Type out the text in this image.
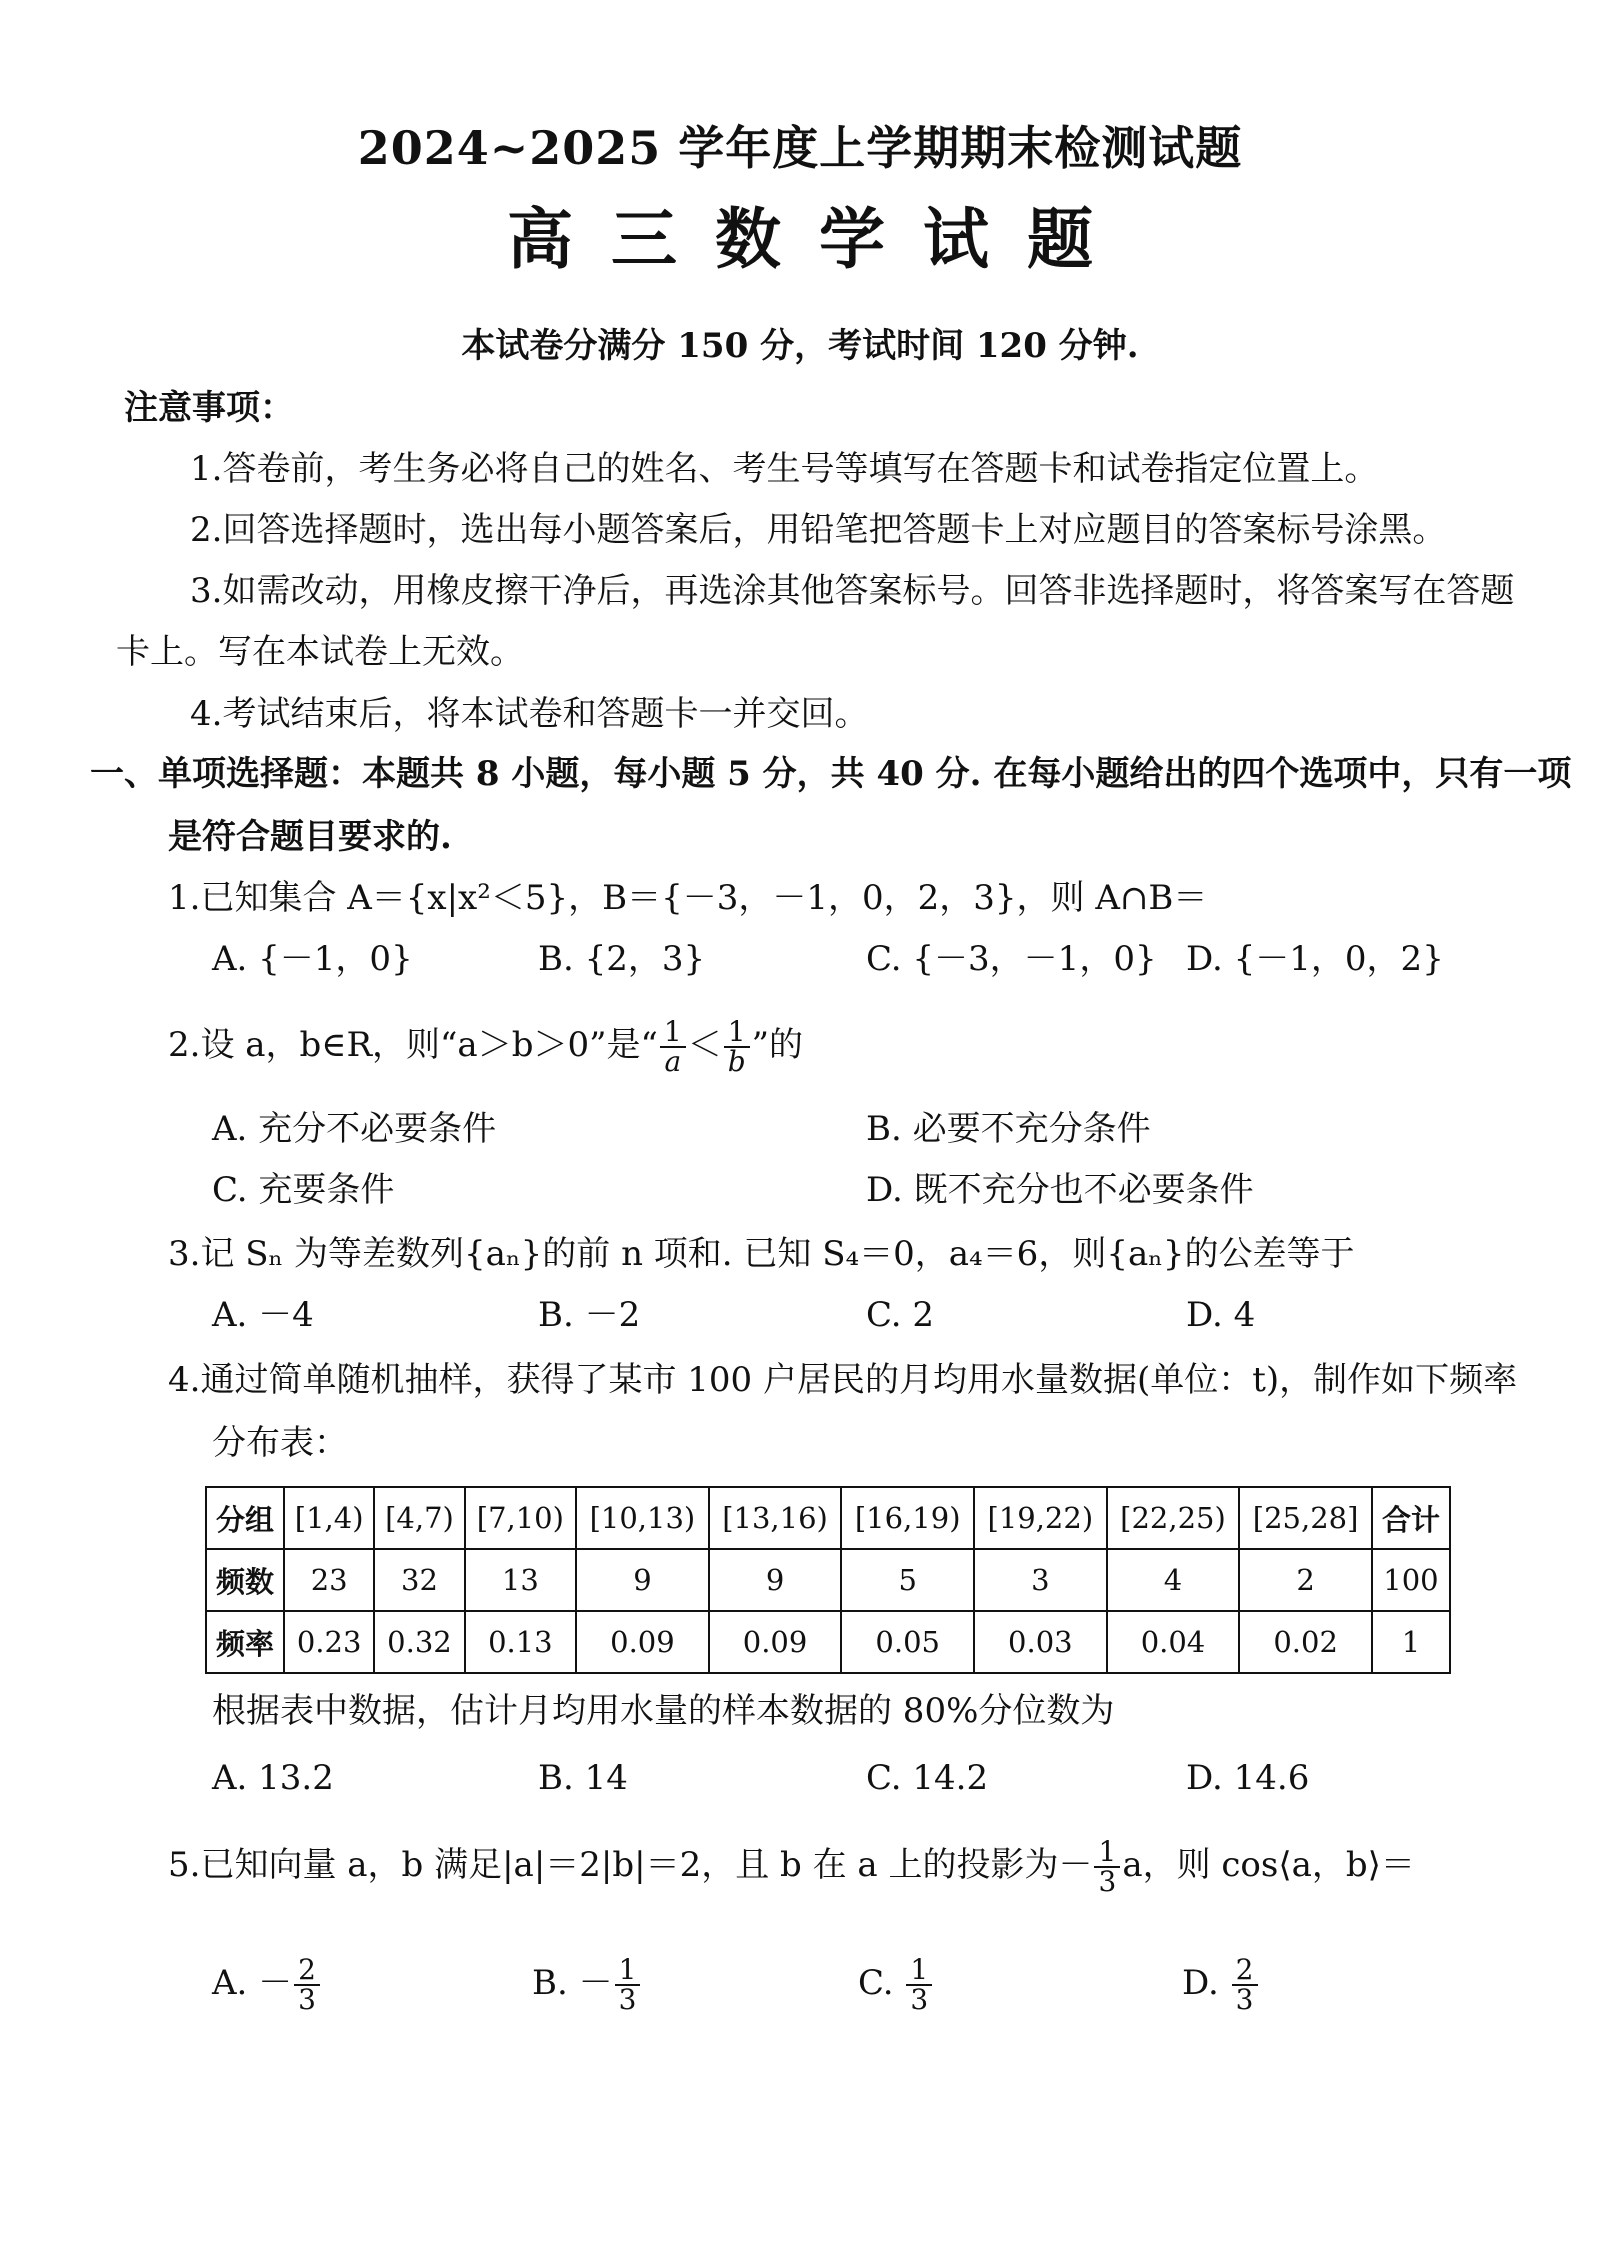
2024~2025 学年度上学期期末检测试题
高三数学试题
本试卷分满分 150 分，考试时间 120 分钟.
注意事项：
1.答卷前，考生务必将自己的姓名、考生号等填写在答题卡和试卷指定位置上。
2.回答选择题时，选出每小题答案后，用铅笔把答题卡上对应题目的答案标号涂黑。
3.如需改动，用橡皮擦干净后，再选涂其他答案标号。回答非选择题时，将答案写在答题
卡上。写在本试卷上无效。
4.考试结束后，将本试卷和答题卡一并交回。
一、单项选择题：本题共 8 小题，每小题 5 分，共 40 分. 在每小题给出的四个选项中，只有一项
是符合题目要求的.
1.已知集合 A＝{x|x²＜5}，B＝{－3，－1，0，2，3}，则 A∩B＝
A. {－1，0}	B. {2，3}	C. {－3，－1，0} D. {－1，0，2}
2.设 a，b∈R，则“a＞b＞0”是“ $\frac{1}{a} < \frac{1}{b}$ ”的
A. 充分不必要条件	B. 必要不充分条件
C. 充要条件	D. 既不充分也不必要条件
3.记 Sₙ 为等差数列{aₙ}的前 n 项和. 已知 S₄＝0，a₄＝6，则{aₙ}的公差等于
A. －4	B. －2	C. 2	D. 4
4.通过简单随机抽样，获得了某市 100 户居民的月均用水量数据(单位：t)，制作如下频率
分布表：
分组	[1,4)	[4,7)	[7,10)	[10,13)	[13,16)	[16,19)	[19,22)	[22,25)	[25,28]	合计
频数	23	32	13	9	9	5	3	4	2	100
频率	0.23	0.32	0.13	0.09	0.09	0.05	0.03	0.04	0.02	1
根据表中数据，估计月均用水量的样本数据的 80%分位数为
A. 13.2	B. 14	C. 14.2	D. 14.6
5.已知向量 a，b 满足|a|＝2|b|＝2，且 b 在 a 上的投影为－ $\frac{1}{3}$ a，则 cos⟨a，b⟩＝
A. － $\frac{2}{3}$	B. － $\frac{1}{3}$	C. $\frac{1}{3}$	D. $\frac{2}{3}$
